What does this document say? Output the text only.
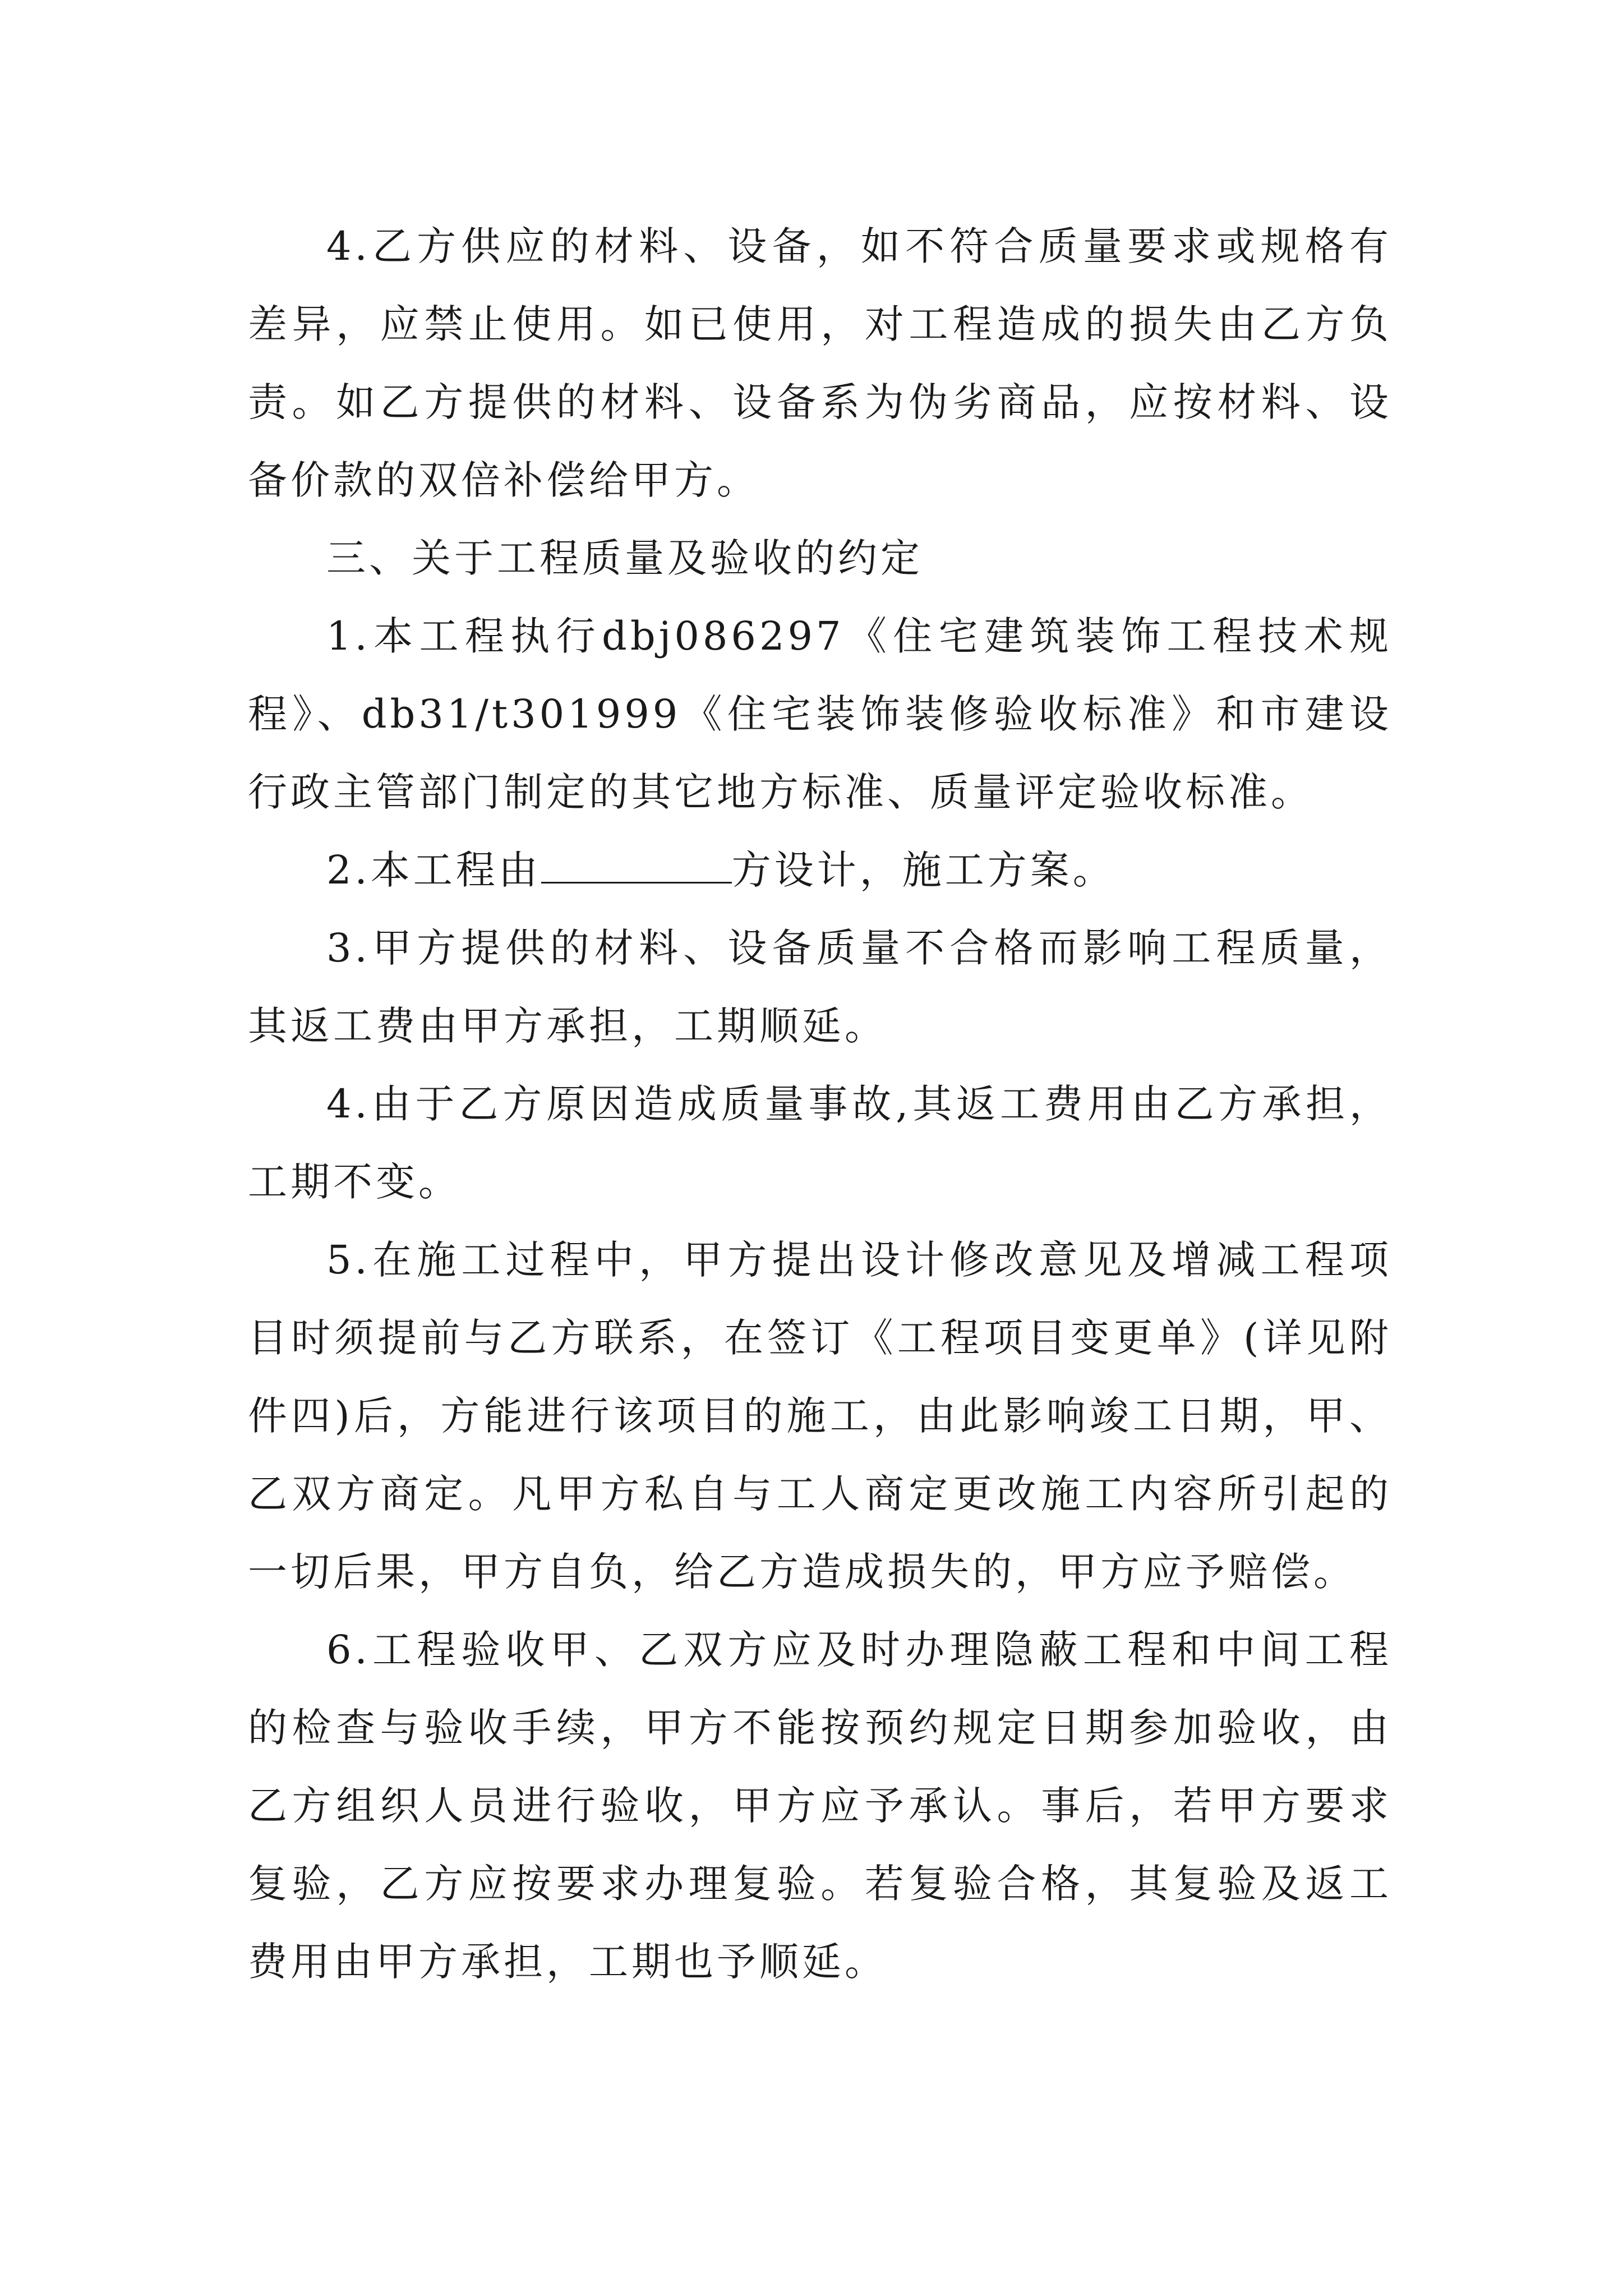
4.乙方供应的材料、设备，如不符合质量要求或规格有差异，应禁止使用。如已使用，对工程造成的损失由乙方负责。如乙方提供的材料、设备系为伪劣商品，应按材料、设备价款的双倍补偿给甲方。

三、关于工程质量及验收的约定

1.本工程执行dbj086297《住宅建筑装饰工程技术规程》、db31/t301999《住宅装饰装修验收标准》和市建设行政主管部门制定的其它地方标准、质量评定验收标准。

2.本工程由	方设计，施工方案。

3.甲方提供的材料、设备质量不合格而影响工程质量，其返工费由甲方承担，工期顺延。

4.由于乙方原因造成质量事故,其返工费用由乙方承担，工期不变。

5.在施工过程中，甲方提出设计修改意见及增减工程项目时须提前与乙方联系，在签订《工程项目变更单》(详见附件四)后，方能进行该项目的施工，由此影响竣工日期，甲、乙双方商定。凡甲方私自与工人商定更改施工内容所引起的一切后果，甲方自负，给乙方造成损失的，甲方应予赔偿。

6.工程验收甲、乙双方应及时办理隐蔽工程和中间工程的检查与验收手续，甲方不能按预约规定日期参加验收，由乙方组织人员进行验收，甲方应予承认。事后，若甲方要求复验，乙方应按要求办理复验。若复验合格，其复验及返工费用由甲方承担，工期也予顺延。
